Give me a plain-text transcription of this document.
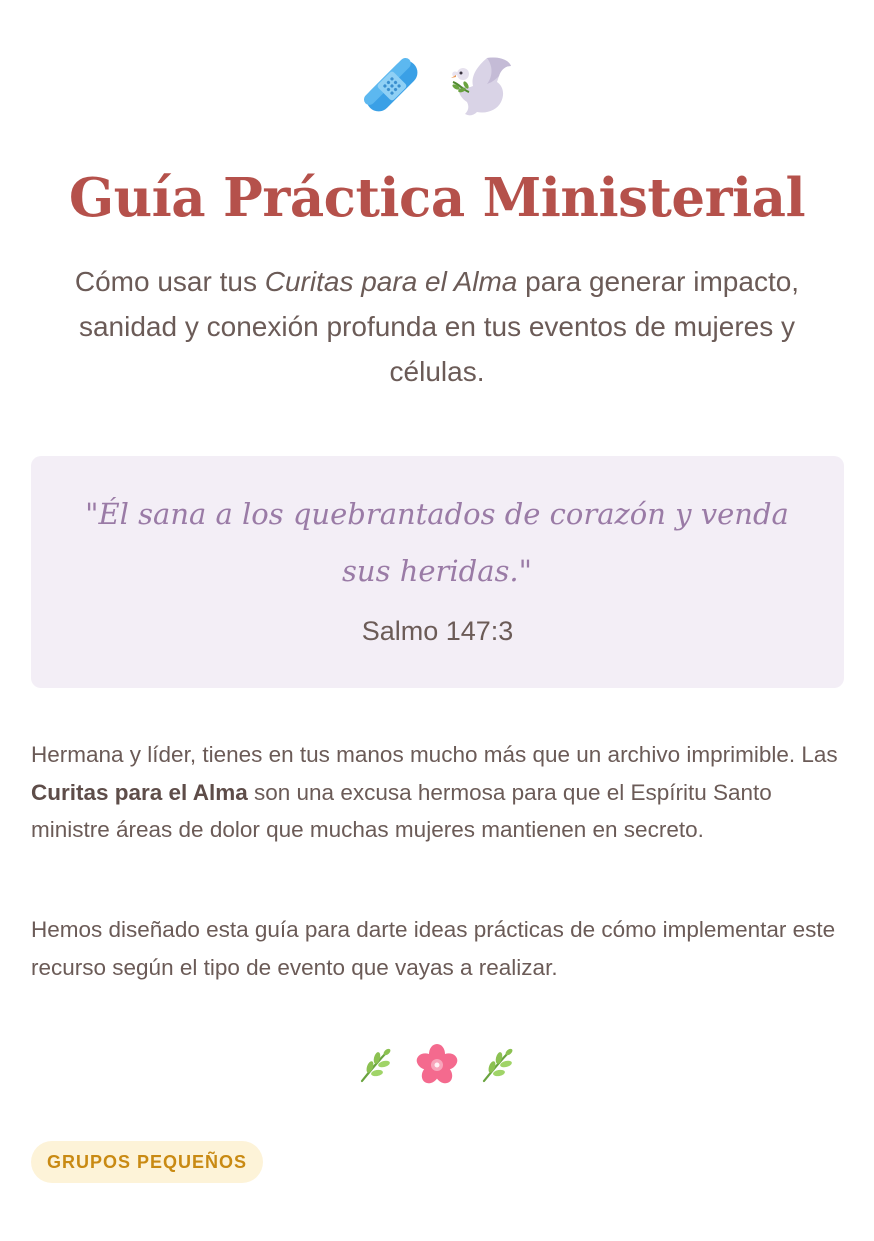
Guía Práctica Ministerial

Cómo usar tus Curitas para el Alma para generar impacto, sanidad y conexión profunda en tus eventos de mujeres y células.

"Él sana a los quebrantados de corazón y venda sus heridas."

Salmo 147:3

Hermana y líder, tienes en tus manos mucho más que un archivo imprimible. Las Curitas para el Alma son una excusa hermosa para que el Espíritu Santo ministre áreas de dolor que muchas mujeres mantienen en secreto.

Hemos diseñado esta guía para darte ideas prácticas de cómo implementar este recurso según el tipo de evento que vayas a realizar.

GRUPOS PEQUEÑOS
